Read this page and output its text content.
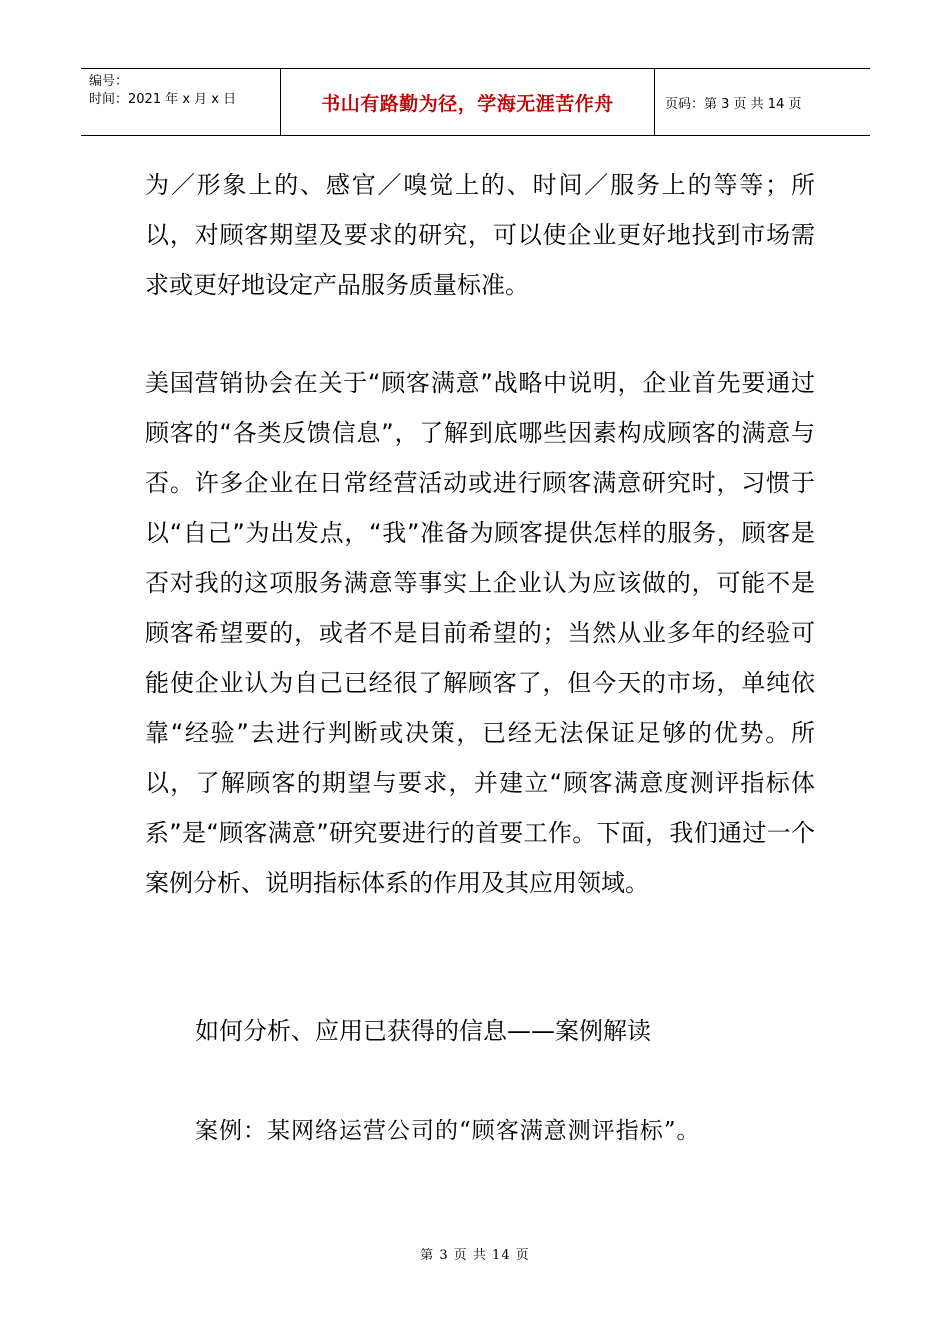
编号：
时间：2021 年 x 月 x 日	书山有路勤为径，学海无涯苦作舟	页码：第 3 页 共 14 页

为／形象上的、感官／嗅觉上的、时间／服务上的等等；所以，对顾客期望及要求的研究，可以使企业更好地找到市场需求或更好地设定产品服务质量标准。

美国营销协会在关于“顾客满意”战略中说明，企业首先要通过顾客的“各类反馈信息”，了解到底哪些因素构成顾客的满意与否。许多企业在日常经营活动或进行顾客满意研究时，习惯于以“自己”为出发点，“我”准备为顾客提供怎样的服务，顾客是否对我的这项服务满意等事实上企业认为应该做的，可能不是顾客希望要的，或者不是目前希望的；当然从业多年的经验可能使企业认为自己已经很了解顾客了，但今天的市场，单纯依靠“经验”去进行判断或决策，已经无法保证足够的优势。所以，了解顾客的期望与要求，并建立“顾客满意度测评指标体系”是“顾客满意”研究要进行的首要工作。下面，我们通过一个案例分析、说明指标体系的作用及其应用领域。

如何分析、应用已获得的信息——案例解读

案例：某网络运营公司的“顾客满意测评指标”。

第 3 页 共 14 页
